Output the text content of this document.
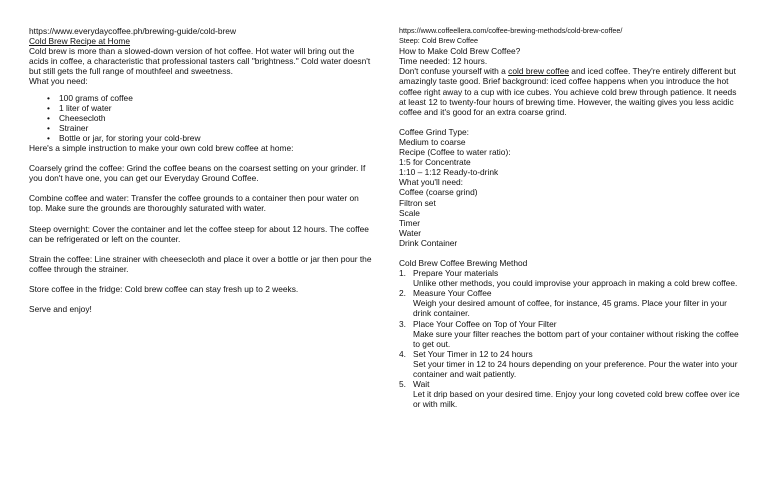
https://www.everydaycoffee.ph/brewing-guide/cold-brew

Cold Brew Recipe at Home

Cold brew is more than a slowed-down version of hot coffee. Hot water will bring out the acids in coffee, a characteristic that professional tasters call "brightness." Cold water doesn't but still gets the full range of mouthfeel and sweetness.

What you need:

• 100 grams of coffee
• 1 liter of water
• Cheesecloth
• Strainer
• Bottle or jar, for storing your cold-brew

Here's a simple instruction to make your own cold brew coffee at home:

Coarsely grind the coffee: Grind the coffee beans on the coarsest setting on your grinder. If you don't have one, you can get our Everyday Ground Coffee.

Combine coffee and water: Transfer the coffee grounds to a container then pour water on top. Make sure the grounds are thoroughly saturated with water.

Steep overnight: Cover the container and let the coffee steep for about 12 hours. The coffee can be refrigerated or left on the counter.

Strain the coffee: Line strainer with cheesecloth and place it over a bottle or jar then pour the coffee through the strainer.

Store coffee in the fridge: Cold brew coffee can stay fresh up to 2 weeks.

Serve and enjoy!

https://www.coffeellera.com/coffee-brewing-methods/cold-brew-coffee/

Steep: Cold Brew Coffee

How to Make Cold Brew Coffee?

Time needed: 12 hours.

Don't confuse yourself with a cold brew coffee and iced coffee. They're entirely different but amazingly taste good. Brief background: iced coffee happens when you introduce the hot coffee right away to a cup with ice cubes. You achieve cold brew through patience. It needs at least 12 to twenty-four hours of brewing time. However, the waiting gives you less acidic coffee and it's good for an extra coarse grind.

Coffee Grind Type:

Medium to coarse

Recipe (Coffee to water ratio):

1:5 for Concentrate

1:10 – 1:12 Ready-to-drink

What you'll need:

Coffee (coarse grind)

Filtron set

Scale

Timer

Water

Drink Container

Cold Brew Coffee Brewing Method

1. Prepare Your materials
Unlike other methods, you could improvise your approach in making a cold brew coffee.
2. Measure Your Coffee
Weigh your desired amount of coffee, for instance, 45 grams. Place your filter in your drink container.
3. Place Your Coffee on Top of Your Filter
Make sure your filter reaches the bottom part of your container without risking the coffee to get out.
4. Set Your Timer in 12 to 24 hours
Set your timer in 12 to 24 hours depending on your preference. Pour the water into your container and wait patiently.
5. Wait
Let it drip based on your desired time. Enjoy your long coveted cold brew coffee over ice or with milk.
